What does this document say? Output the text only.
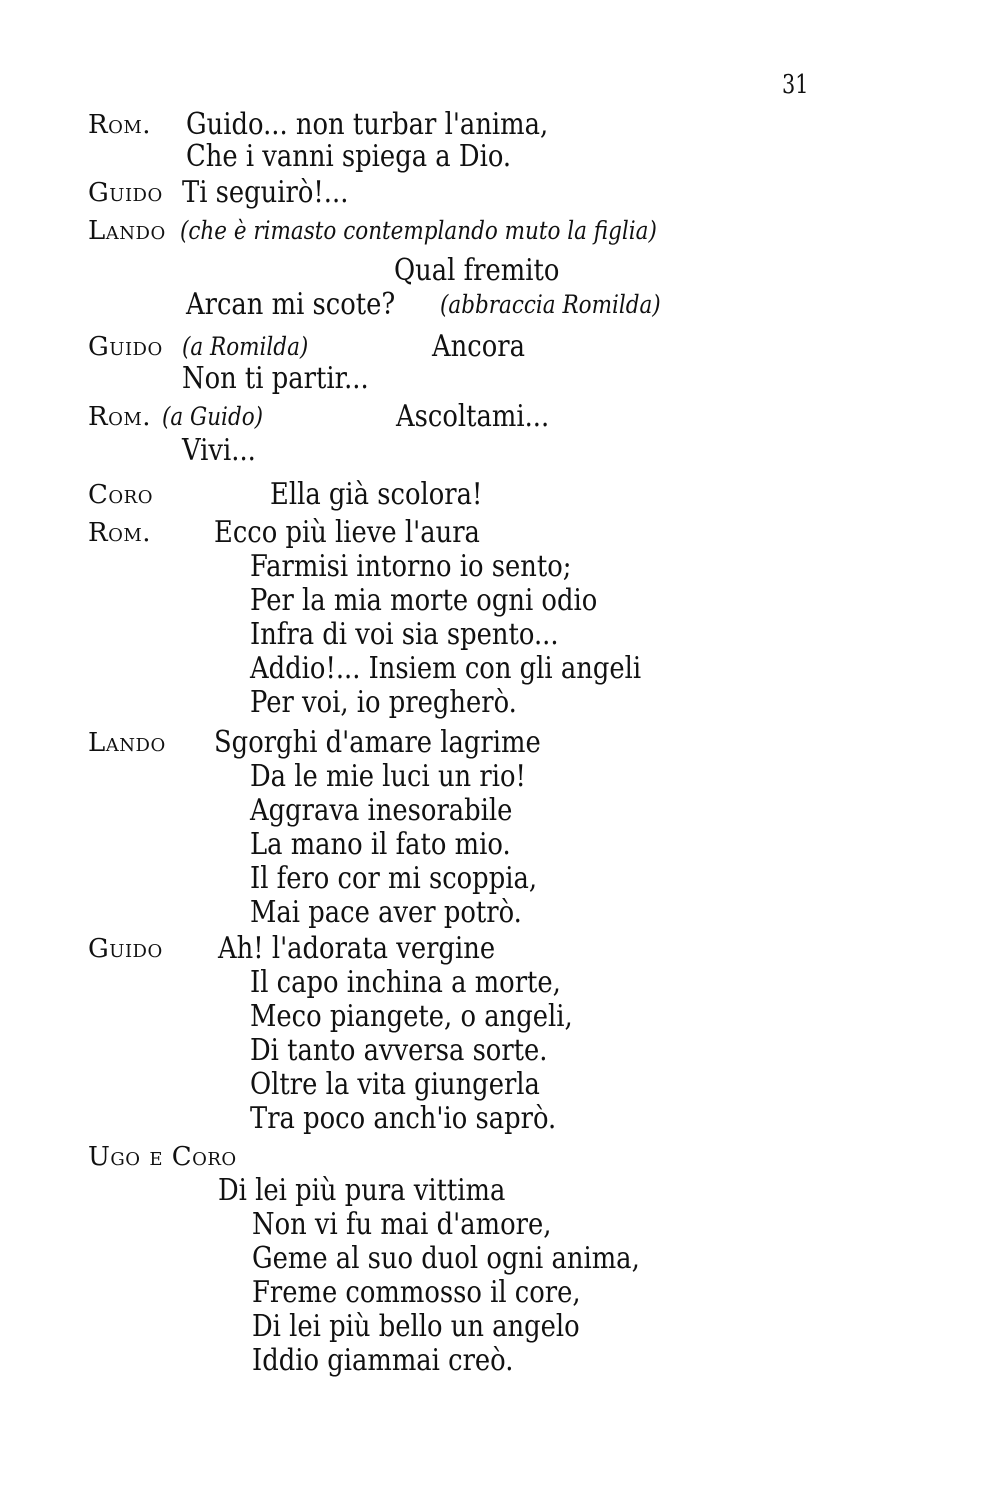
31
Rom. Guido... non turbar l'anima,
Che i vanni spiega a Dio.
Guido Ti seguirò!...
Lando (che è rimasto contemplando muto la figlia)
Qual fremito
Arcan mi scote? (abbraccia Romilda)
Guido (a Romilda)	Ancora
Non ti partir...
Rom. (a Guido)	Ascoltami...
Vivi...
Coro	Ella già scolora!
Rom. Ecco più lieve l'aura
Farmisi intorno io sento;
Per la mia morte ogni odio
Infra di voi sia spento...
Addio!... Insiem con gli angeli
Per voi, io pregherò.
Lando Sgorghi d'amare lagrime
Da le mie luci un rio!
Aggrava inesorabile
La mano il fato mio.
Il fero cor mi scoppia,
Mai pace aver potrò.
Guido Ah! l'adorata vergine
Il capo inchina a morte,
Meco piangete, o angeli,
Di tanto avversa sorte.
Oltre la vita giungerla
Tra poco anch'io saprò.
Ugo e Coro
Di lei più pura vittima
Non vi fu mai d'amore,
Geme al suo duol ogni anima,
Freme commosso il core,
Di lei più bello un angelo
Iddio giammai creò.
